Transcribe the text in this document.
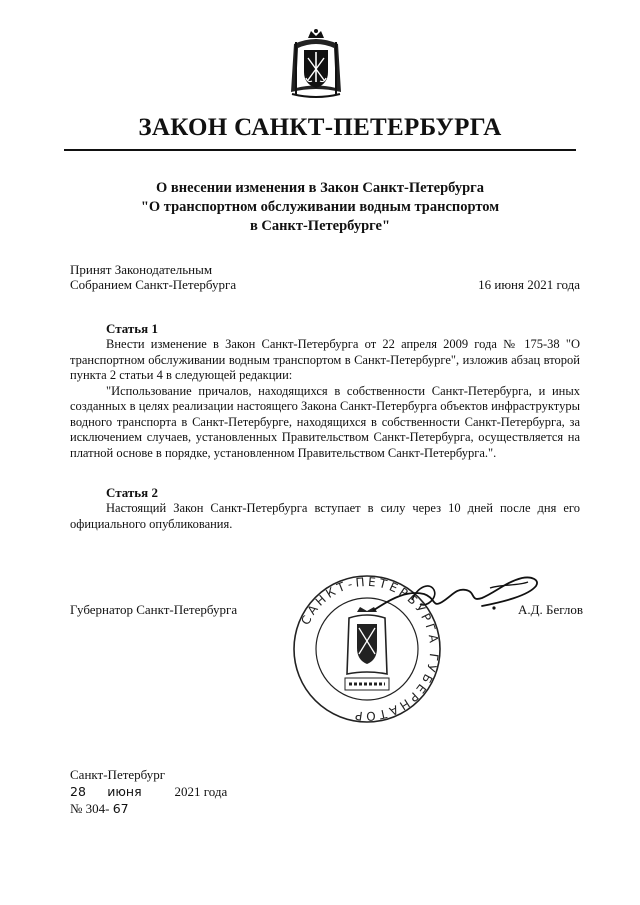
ЗАКОН САНКТ-ПЕТЕРБУРГА
О внесении изменения в Закон Санкт-Петербурга
"О транспортном обслуживании водным транспортом
в Санкт-Петербурге"
Принят Законодательным
Собранием Санкт-Петербурга	16 июня 2021 года
Статья 1

Внести изменение в Закон Санкт-Петербурга от 22 апреля 2009 года № 175-38 "О транспортном обслуживании водным транспортом в Санкт-Петербурге", изложив абзац второй пункта 2 статьи 4 в следующей редакции:

"Использование причалов, находящихся в собственности Санкт-Петербурга, и иных созданных в целях реализации настоящего Закона Санкт-Петербурга объектов инфраструктуры водного транспорта в Санкт-Петербурге, находящихся в собственности Санкт-Петербурга, за исключением случаев, установленных Правительством Санкт-Петербурга, осуществляется на платной основе в порядке, установленном Правительством Санкт-Петербурга.".

Статья 2

Настоящий Закон Санкт-Петербурга вступает в силу через 10 дней после дня его официального опубликования.

САНКТ-ПЕТЕРБУРГА ГУБЕРНАТОР
Губернатор Санкт-Петербурга	А.Д. Беглов
Санкт-Петербург
28 июня	2021 года
№ 304- 67
